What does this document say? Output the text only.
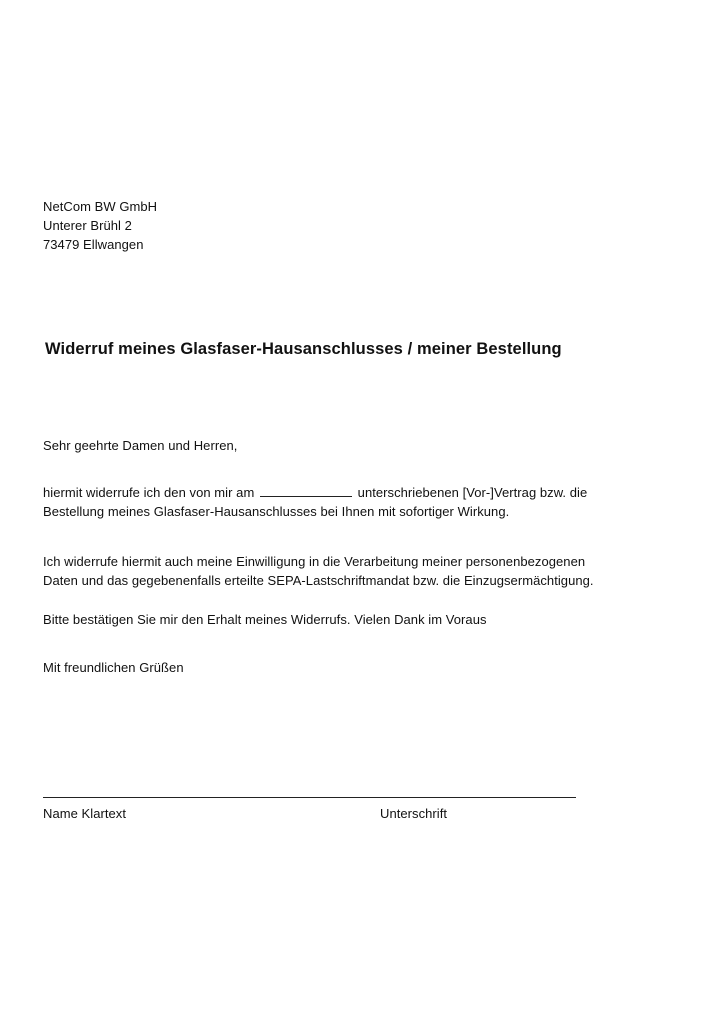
NetCom BW GmbH
Unterer Brühl 2
73479 Ellwangen
Widerruf meines Glasfaser-Hausanschlusses / meiner Bestellung
Sehr geehrte Damen und Herren,
hiermit widerrufe ich den von mir am	unterschriebenen [Vor-]Vertrag bzw. die
Bestellung meines Glasfaser-Hausanschlusses bei Ihnen mit sofortiger Wirkung.
Ich widerrufe hiermit auch meine Einwilligung in die Verarbeitung meiner personenbezogenen
Daten und das gegebenenfalls erteilte SEPA-Lastschriftmandat bzw. die Einzugsermächtigung.
Bitte bestätigen Sie mir den Erhalt meines Widerrufs. Vielen Dank im Voraus
Mit freundlichen Grüßen
Name Klartext	Unterschrift
